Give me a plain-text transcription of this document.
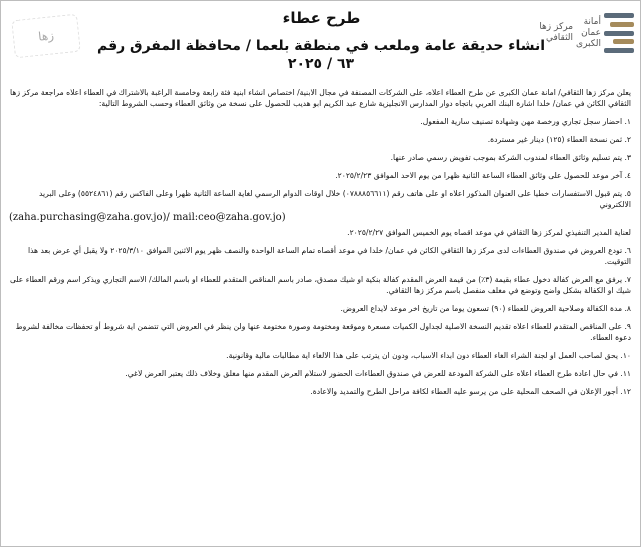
مركز زها
الثقافي
أمانة
عمان
الكبرى
زها
طرح عطاء
انشاء حديقة عامة وملعب في منطقة بلعما / محافظة المفرق رقم ٦٣ / ٢٠٢٥

يعلن مركز زها الثقافي/ امانة عمان الكبرى عن طرح العطاء اعلاه، على الشركات المصنفة في مجال الابنية/ اختصاص انشاء ابنية فئة رابعة وخامسة الراغبة بالاشتراك في العطاء اعلاه مراجعة مركز زها الثقافي الكائن في عمان/ خلدا اشارة البنك العربي باتجاه دوار المدارس الانجليزية شارع عبد الكريم ابو هديب للحصول على نسخة من وثائق العطاء وحسب الشروط التالية:

١. احضار سجل تجاري ورخصة مهن وشهادة تصنيف سارية المفعول.

٢. ثمن نسخة العطاء (١٢٥) دينار غير مستردة.

٣. يتم تسليم وثائق العطاء لمندوب الشركة بموجب تفويض رسمي صادر عنها.

٤. آخر موعد للحصول على وثائق العطاء الساعة الثانية ظهرا من يوم الاحد الموافق ٢٠٢٥/٢/٢٣.

٥. يتم قبول الاستفسارات خطيا على العنوان المذكور اعلاه او على هاتف رقم (٠٧٨٨٨٥٦٦١١) خلال اوقات الدوام الرسمي لغاية الساعة الثانية ظهرا وعلى الفاكس رقم (٥٥٢٤٨٦١) وعلى البريد الالكتروني

(zaha.purchasing@zaha.gov.jo)/ mail:ceo@zaha.gov.jo)

لعناية المدير التنفيذي لمركز زها الثقافي في موعد اقصاه يوم الخميس الموافق ٢٠٢٥/٢/٢٧.

٦. تودع العروض في صندوق العطاءات لدى مركز زها الثقافي الكائن في عمان/ خلدا في موعد أقصاه تمام الساعة الواحدة والنصف ظهر يوم الاثنين الموافق ٢٠٢٥/٣/١٠ ولا يقبل أي عرض بعد هذا التوقيت.

٧. يرفق مع العرض كفالة دخول عطاء بقيمة (٣٪) من قيمة العرض المقدم كفالة بنكية او شيك مصدق، صادر باسم المناقص المتقدم للعطاء او باسم المالك/ الاسم التجاري ويذكر اسم ورقم العطاء على شيك او الكفالة بشكل واضح وتوضع في مغلف منفصل باسم مركز زها الثقافي.

٨. مدة الكفالة وصلاحية العروض للعطاء (٩٠) تسعون يوما من تاريخ اخر موعد لايداع العروض.

٩. على المناقص المتقدم للعطاء اعلاه تقديم النسخة الاصلية لجداول الكميات مسعرة وموقعة ومختومة وصورة مختومة عنها ولن ينظر في العروض التي تتضمن اية شروط أو تحفظات مخالفة لشروط دعوة العطاء.

١٠. يحق لصاحب العمل او لجنة الشراء الغاء العطاء دون ابداء الاسباب، ودون ان يترتب على هذا الالغاء اية مطالبات مالية وقانونية.

١١. في حال اعادة طرح العطاء اعلاه على الشركة المودعة للعرض في صندوق العطاءات الحضور لاستلام العرض المقدم منها مغلق وخلاف ذلك يعتبر العرض لاغي.

١٢. أجور الإعلان في الصحف المحلية على من يرسو عليه العطاء لكافة مراحل الطرح والتمديد والاعادة.
